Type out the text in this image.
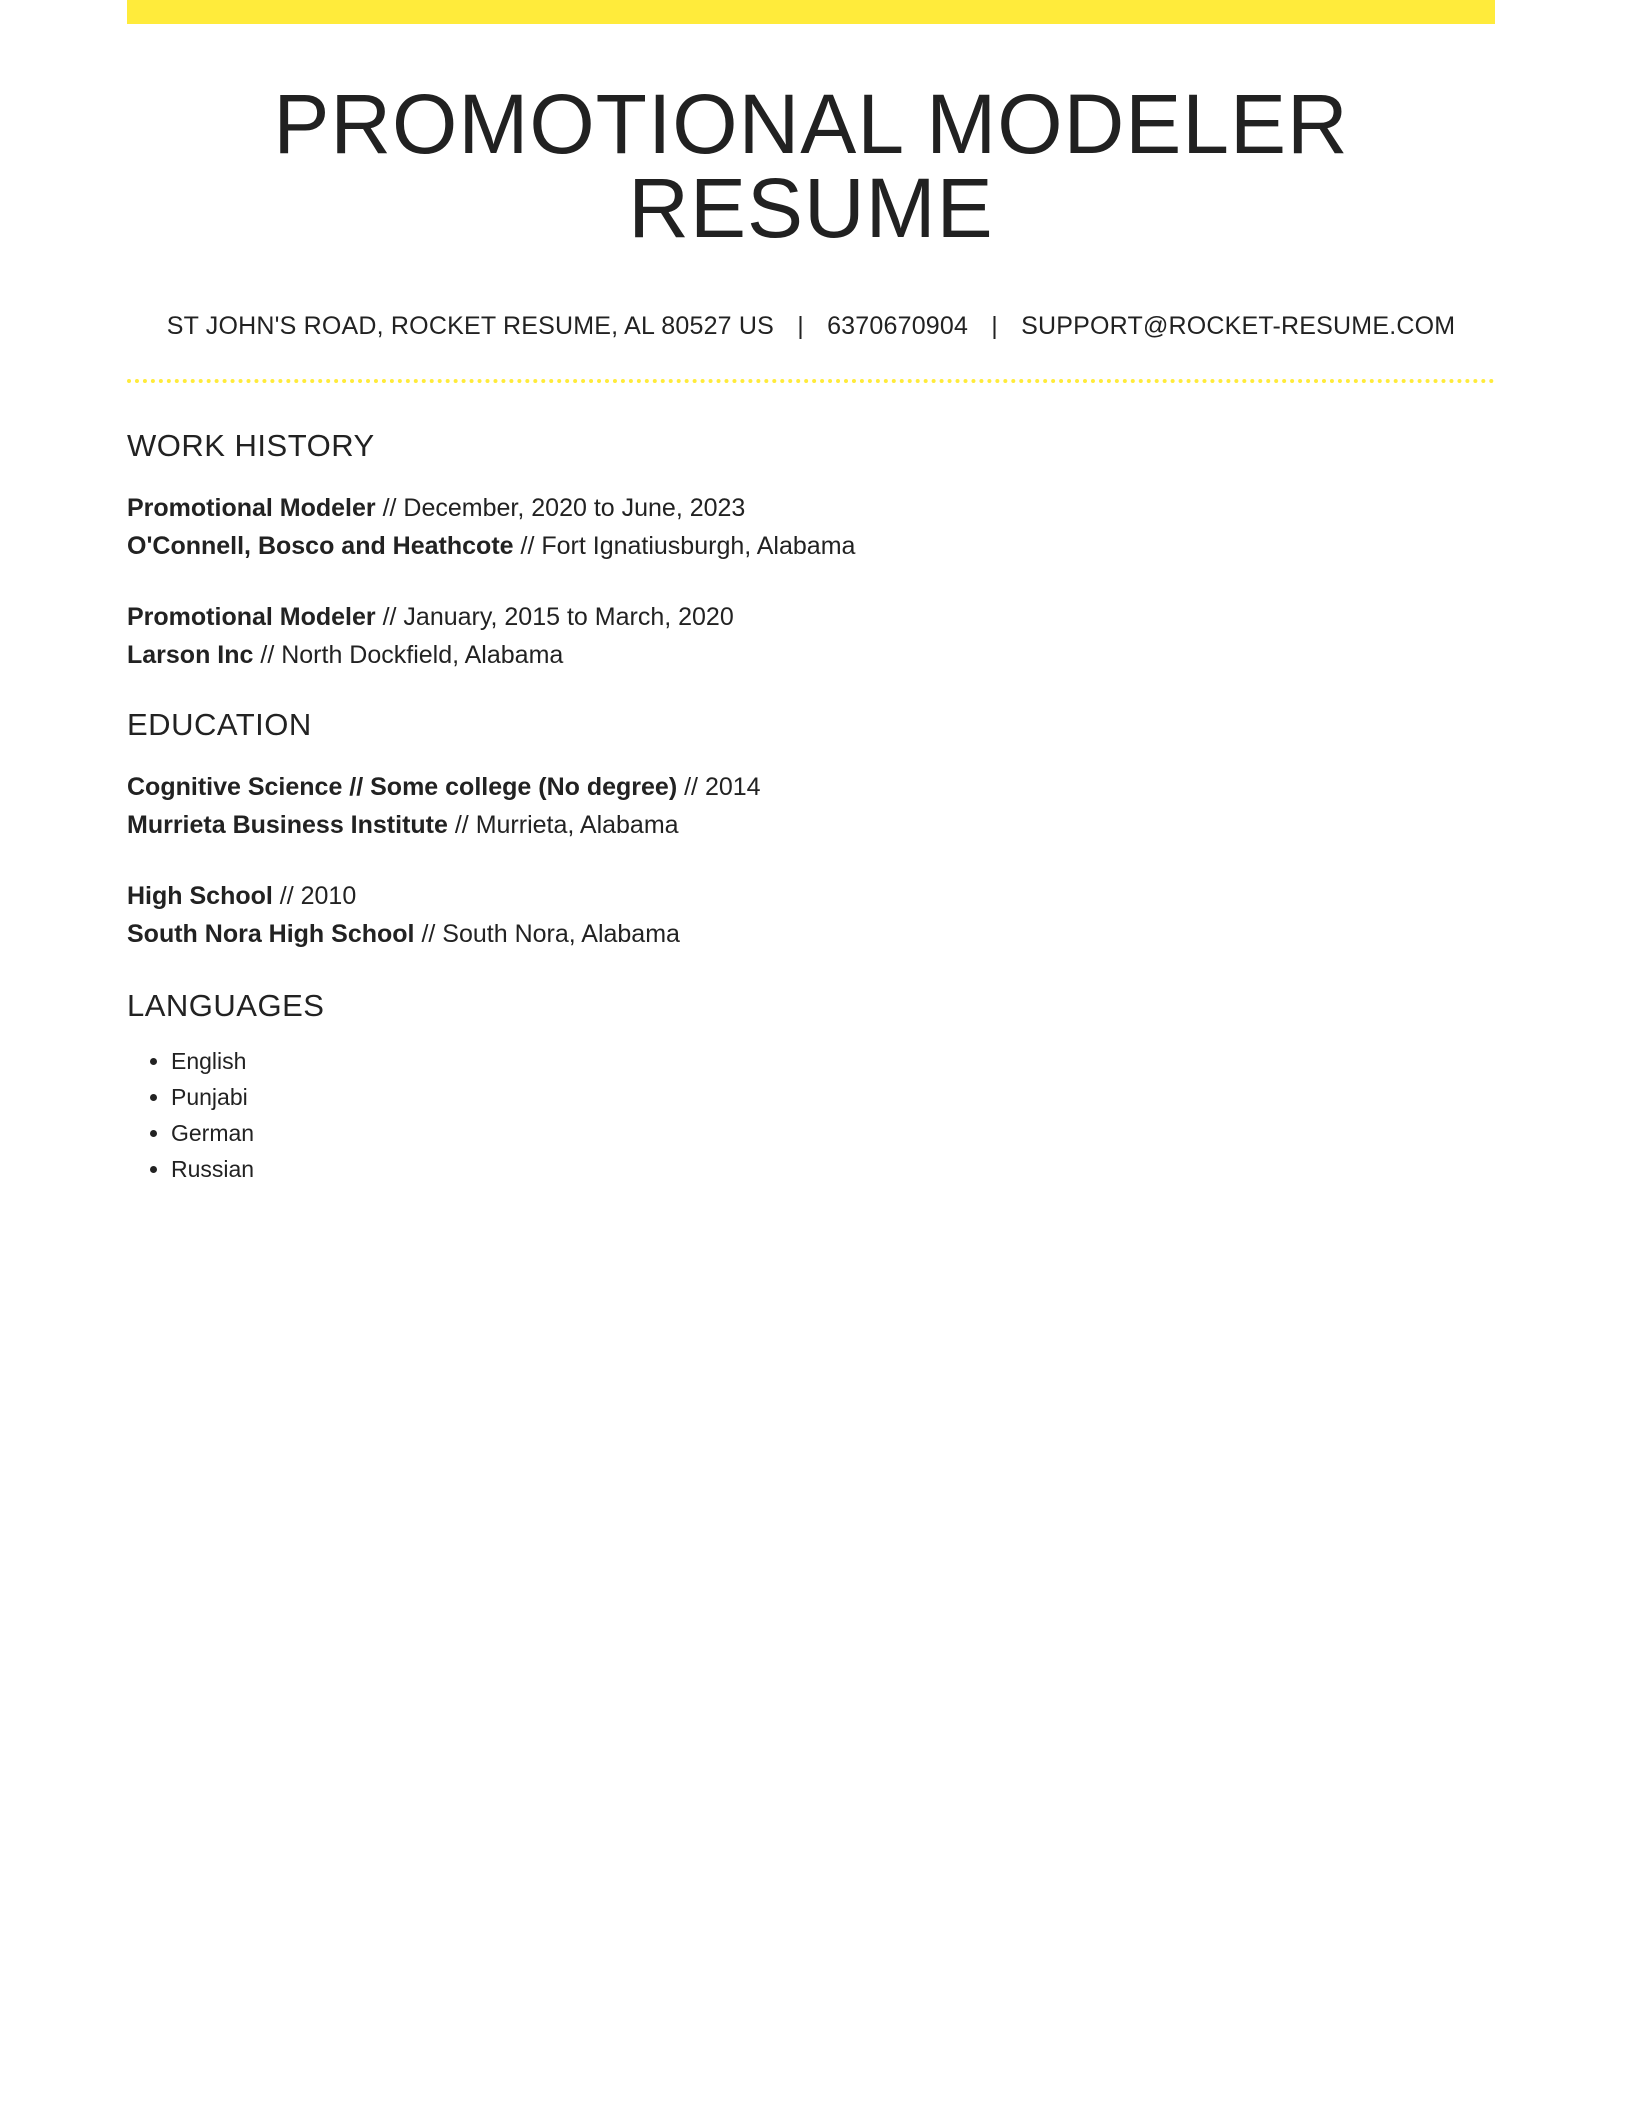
PROMOTIONAL MODELER RESUME
ST JOHN'S ROAD, ROCKET RESUME, AL 80527 US | 6370670904 | SUPPORT@ROCKET-RESUME.COM
WORK HISTORY
Promotional Modeler // December, 2020 to June, 2023
O'Connell, Bosco and Heathcote // Fort Ignatiusburgh, Alabama
Promotional Modeler // January, 2015 to March, 2020
Larson Inc // North Dockfield, Alabama
EDUCATION
Cognitive Science // Some college (No degree) // 2014
Murrieta Business Institute // Murrieta, Alabama
High School // 2010
South Nora High School // South Nora, Alabama
LANGUAGES
• English
• Punjabi
• German
• Russian
